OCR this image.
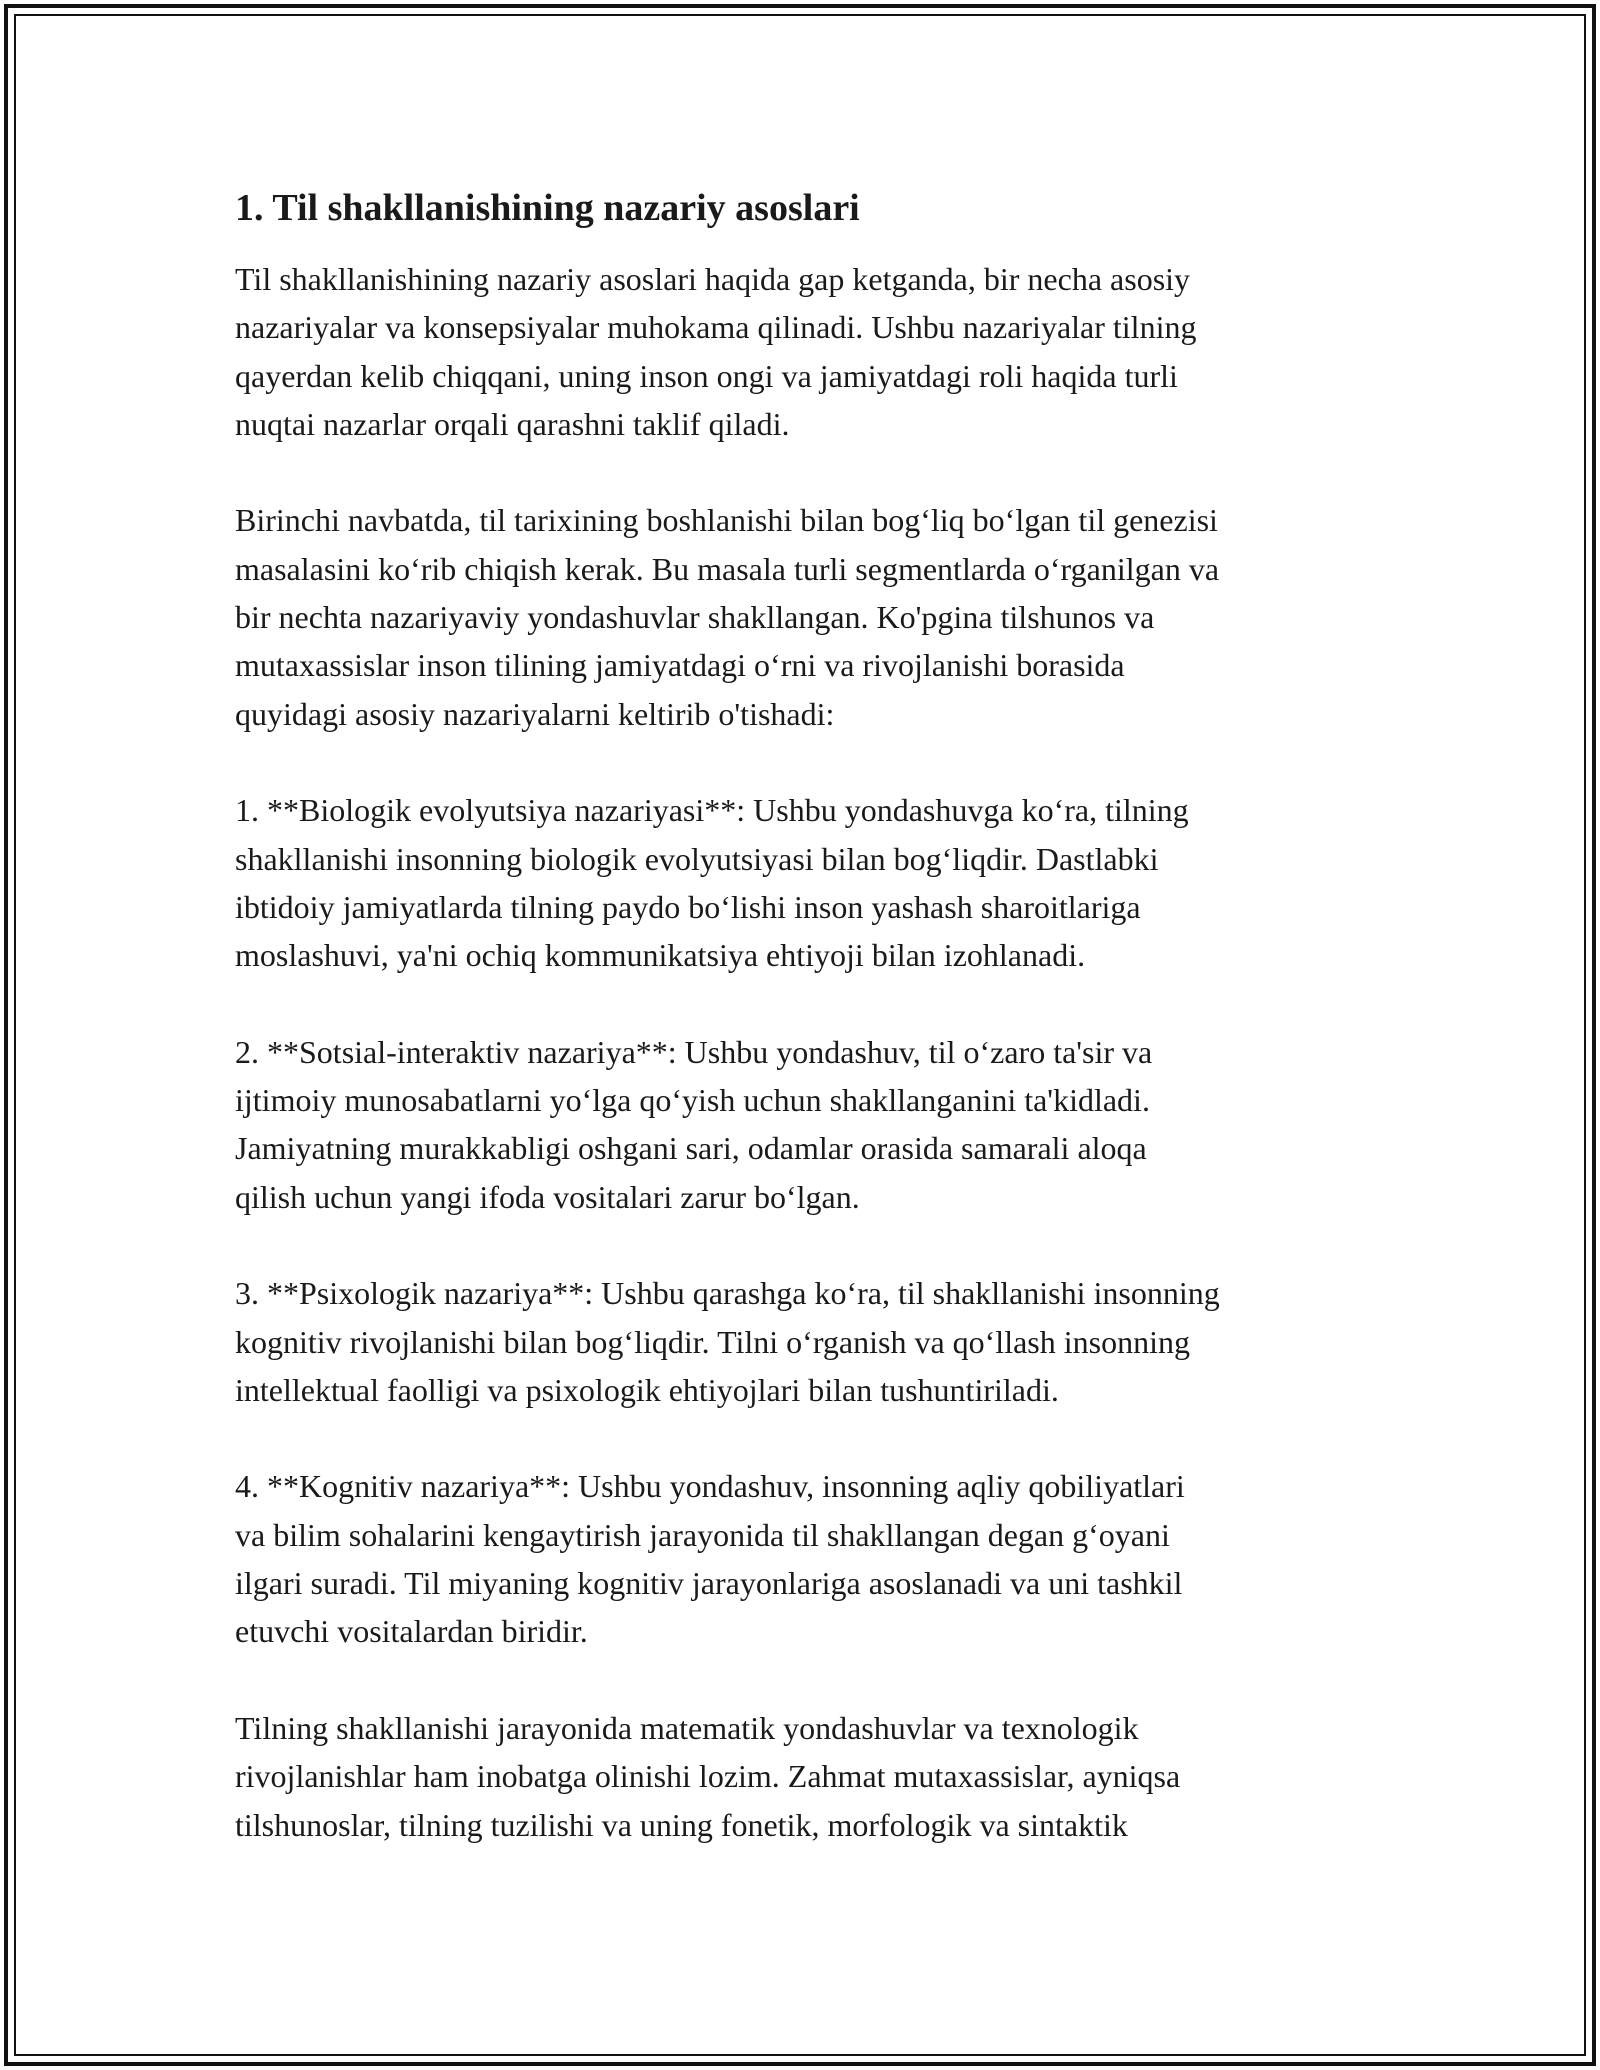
1. Til shakllanishining nazariy asoslari

Til shakllanishining nazariy asoslari haqida gap ketganda, bir necha asosiy
nazariyalar va konsepsiyalar muhokama qilinadi. Ushbu nazariyalar tilning
qayerdan kelib chiqqani, uning inson ongi va jamiyatdagi roli haqida turli
nuqtai nazarlar orqali qarashni taklif qiladi.

Birinchi navbatda, til tarixining boshlanishi bilan bog‘liq bo‘lgan til genezisi
masalasini ko‘rib chiqish kerak. Bu masala turli segmentlarda o‘rganilgan va
bir nechta nazariyaviy yondashuvlar shakllangan. Ko'pgina tilshunos va
mutaxassislar inson tilining jamiyatdagi o‘rni va rivojlanishi borasida
quyidagi asosiy nazariyalarni keltirib o'tishadi:

1. **Biologik evolyutsiya nazariyasi**: Ushbu yondashuvga ko‘ra, tilning
shakllanishi insonning biologik evolyutsiyasi bilan bog‘liqdir. Dastlabki
ibtidoiy jamiyatlarda tilning paydo bo‘lishi inson yashash sharoitlariga
moslashuvi, ya'ni ochiq kommunikatsiya ehtiyoji bilan izohlanadi.

2. **Sotsial-interaktiv nazariya**: Ushbu yondashuv, til o‘zaro ta'sir va
ijtimoiy munosabatlarni yo‘lga qo‘yish uchun shakllanganini ta'kidladi.
Jamiyatning murakkabligi oshgani sari, odamlar orasida samarali aloqa
qilish uchun yangi ifoda vositalari zarur bo‘lgan.

3. **Psixologik nazariya**: Ushbu qarashga ko‘ra, til shakllanishi insonning
kognitiv rivojlanishi bilan bog‘liqdir. Tilni o‘rganish va qo‘llash insonning
intellektual faolligi va psixologik ehtiyojlari bilan tushuntiriladi.

4. **Kognitiv nazariya**: Ushbu yondashuv, insonning aqliy qobiliyatlari
va bilim sohalarini kengaytirish jarayonida til shakllangan degan g‘oyani
ilgari suradi. Til miyaning kognitiv jarayonlariga asoslanadi va uni tashkil
etuvchi vositalardan biridir.

Tilning shakllanishi jarayonida matematik yondashuvlar va texnologik
rivojlanishlar ham inobatga olinishi lozim. Zahmat mutaxassislar, ayniqsa
tilshunoslar, tilning tuzilishi va uning fonetik, morfologik va sintaktik
